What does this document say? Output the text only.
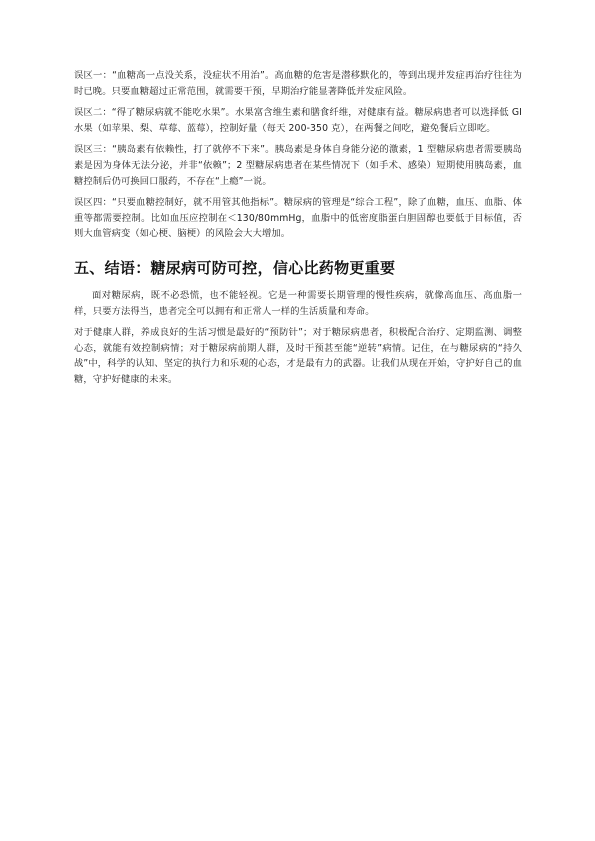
误区一：“血糖高一点没关系，没症状不用治”。高血糖的危害是潜移默化的，等到出现并发症再治疗往往为时已晚。只要血糖超过正常范围，就需要干预，早期治疗能显著降低并发症风险。

误区二：“得了糖尿病就不能吃水果”。水果富含维生素和膳食纤维，对健康有益。糖尿病患者可以选择低 GI 水果（如苹果、梨、草莓、蓝莓），控制好量（每天 200-350 克），在两餐之间吃，避免餐后立即吃。

误区三：“胰岛素有依赖性，打了就停不下来”。胰岛素是身体自身能分泌的激素，1 型糖尿病患者需要胰岛素是因为身体无法分泌，并非“依赖”；2 型糖尿病患者在某些情况下（如手术、感染）短期使用胰岛素，血糖控制后仍可换回口服药，不存在“上瘾”一说。

误区四：“只要血糖控制好，就不用管其他指标”。糖尿病的管理是“综合工程”，除了血糖，血压、血脂、体重等都需要控制。比如血压应控制在＜130/80mmHg，血脂中的低密度脂蛋白胆固醇也要低于目标值，否则大血管病变（如心梗、脑梗）的风险会大大增加。

五、结语：糖尿病可防可控，信心比药物更重要

面对糖尿病，既不必恐慌，也不能轻视。它是一种需要长期管理的慢性疾病，就像高血压、高血脂一样，只要方法得当，患者完全可以拥有和正常人一样的生活质量和寿命。

对于健康人群，养成良好的生活习惯是最好的“预防针”；对于糖尿病患者，积极配合治疗、定期监测、调整心态，就能有效控制病情；对于糖尿病前期人群，及时干预甚至能“逆转”病情。记住，在与糖尿病的“持久战”中，科学的认知、坚定的执行力和乐观的心态，才是最有力的武器。让我们从现在开始，守护好自己的血糖，守护好健康的未来。
